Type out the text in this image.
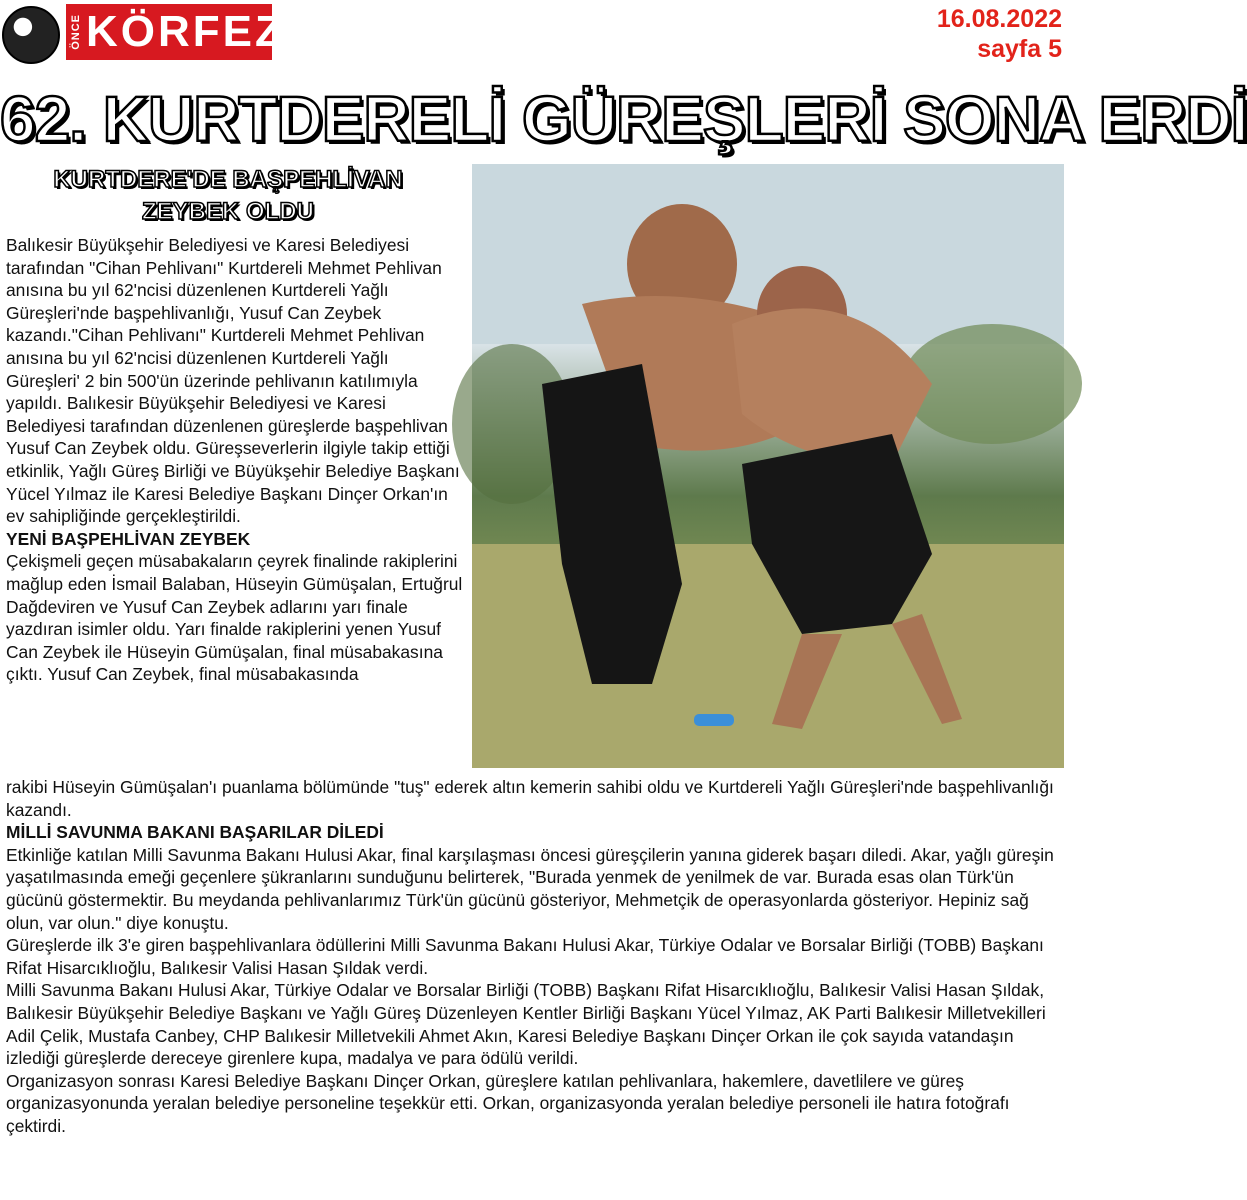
ÖNCE KÖRFEZ	16.08.2022
sayfa 5
62. KURTDERELİ GÜREŞLERİ SONA ERDİ
KURTDERE'DE BAŞPEHLİVAN ZEYBEK OLDU

Balıkesir Büyükşehir Belediyesi ve Karesi Belediyesi tarafından "Cihan Pehlivanı" Kurtdereli Mehmet Pehlivan anısına bu yıl 62'ncisi düzenlenen Kurtdereli Yağlı Güreşleri'nde başpehlivanlığı, Yusuf Can Zeybek kazandı."Cihan Pehlivanı" Kurtdereli Mehmet Pehlivan anısına bu yıl 62'ncisi düzenlenen Kurtdereli Yağlı Güreşleri' 2 bin 500'ün üzerinde pehlivanın katılımıyla yapıldı. Balıkesir Büyükşehir Belediyesi ve Karesi Belediyesi tarafından düzenlenen güreşlerde başpehlivan Yusuf Can Zeybek oldu. Güreşseverlerin ilgiyle takip ettiği etkinlik, Yağlı Güreş Birliği ve Büyükşehir Belediye Başkanı Yücel Yılmaz ile Karesi Belediye Başkanı Dinçer Orkan'ın ev sahipliğinde gerçekleştirildi.

YENİ BAŞPEHLİVAN ZEYBEK

Çekişmeli geçen müsabakaların çeyrek finalinde rakiplerini mağlup eden İsmail Balaban, Hüseyin Gümüşalan, Ertuğrul Dağdeviren ve Yusuf Can Zeybek adlarını yarı finale yazdıran isimler oldu. Yarı finalde rakiplerini yenen Yusuf Can Zeybek ile Hüseyin Gümüşalan, final müsabakasına çıktı. Yusuf Can Zeybek, final müsabakasında

rakibi Hüseyin Gümüşalan'ı puanlama bölümünde "tuş" ederek altın kemerin sahibi oldu ve Kurtdereli Yağlı Güreşleri'nde başpehlivanlığı kazandı.

MİLLİ SAVUNMA BAKANI BAŞARILAR DİLEDİ

Etkinliğe katılan Milli Savunma Bakanı Hulusi Akar, final karşılaşması öncesi güreşçilerin yanına giderek başarı diledi. Akar, yağlı güreşin yaşatılmasında emeği geçenlere şükranlarını sunduğunu belirterek, "Burada yenmek de yenilmek de var. Burada esas olan Türk'ün gücünü göstermektir. Bu meydanda pehlivanlarımız Türk'ün gücünü gösteriyor, Mehmetçik de operasyonlarda gösteriyor. Hepiniz sağ olun, var olun." diye konuştu.

Güreşlerde ilk 3'e giren başpehlivanlara ödüllerini Milli Savunma Bakanı Hulusi Akar, Türkiye Odalar ve Borsalar Birliği (TOBB) Başkanı Rifat Hisarcıklıoğlu, Balıkesir Valisi Hasan Şıldak verdi.

Milli Savunma Bakanı Hulusi Akar, Türkiye Odalar ve Borsalar Birliği (TOBB) Başkanı Rifat Hisarcıklıoğlu, Balıkesir Valisi Hasan Şıldak, Balıkesir Büyükşehir Belediye Başkanı ve Yağlı Güreş Düzenleyen Kentler Birliği Başkanı Yücel Yılmaz, AK Parti Balıkesir Milletvekilleri Adil Çelik, Mustafa Canbey, CHP Balıkesir Milletvekili Ahmet Akın, Karesi Belediye Başkanı Dinçer Orkan ile çok sayıda vatandaşın izlediği güreşlerde dereceye girenlere kupa, madalya ve para ödülü verildi.

Organizasyon sonrası Karesi Belediye Başkanı Dinçer Orkan, güreşlere katılan pehlivanlara, hakemlere, davetlilere ve güreş organizasyonunda yeralan belediye personeline teşekkür etti. Orkan, organizasyonda yeralan belediye personeli ile hatıra fotoğrafı çektirdi.
